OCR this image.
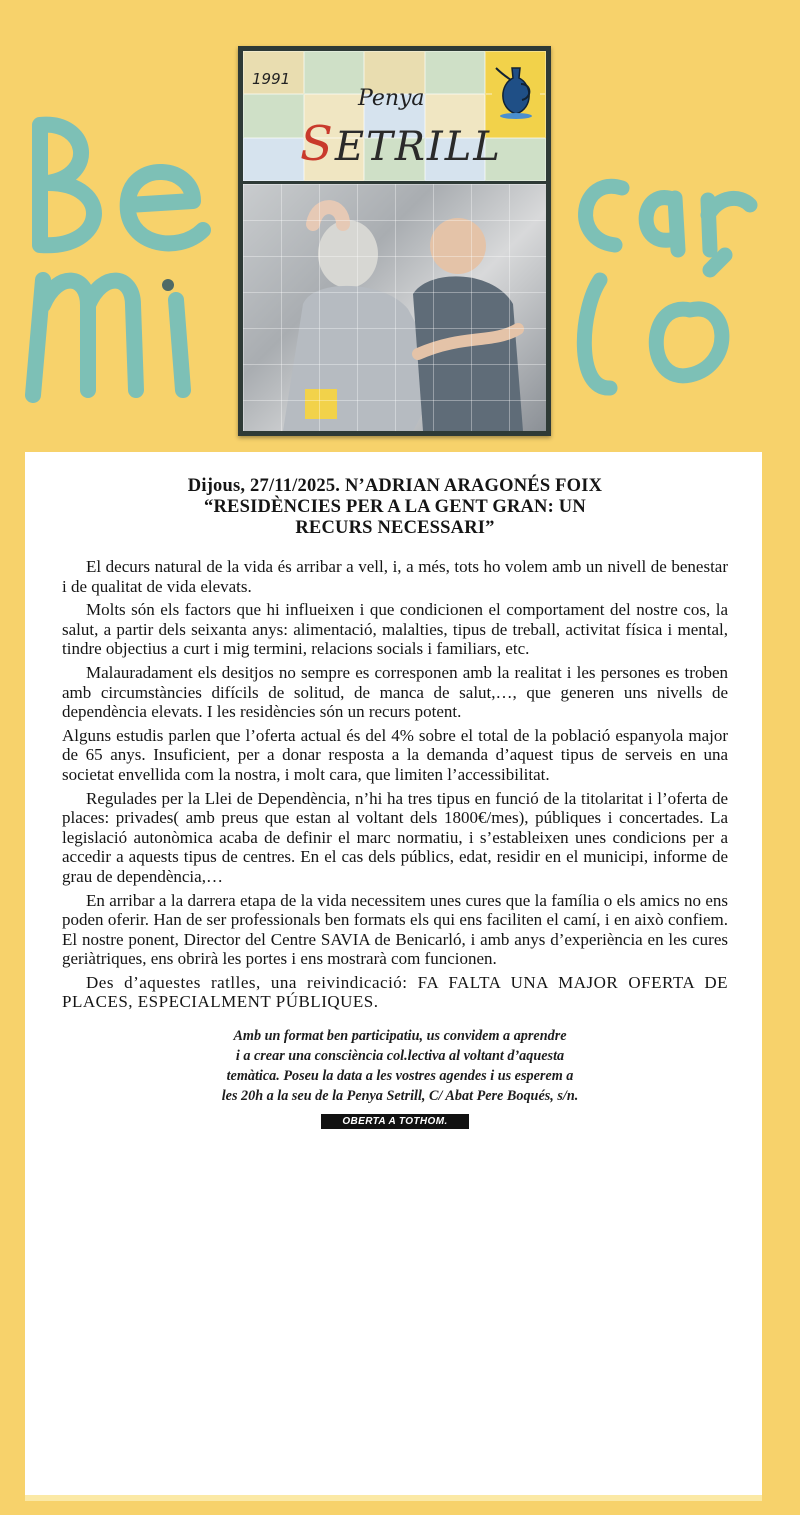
1991
Penya
SETRILL
Dijous, 27/11/2025. N’ADRIAN ARAGONÉS FOIX
“RESIDÈNCIES PER A LA GENT GRAN: UN
RECURS NECESSARI”

El decurs natural de la vida és arribar a vell, i, a més, tots ho volem amb un nivell de benestar i de qualitat de vida elevats.

Molts són els factors que hi influeixen i que condicionen el comportament del nostre cos, la salut, a partir dels seixanta anys: alimentació, malalties, tipus de treball, activitat física i mental, tindre objectius a curt i mig termini, relacions socials i familiars, etc.

Malauradament els desitjos no sempre es corresponen amb la realitat i les persones es troben amb circumstàncies difícils de solitud, de manca de salut,…, que generen uns nivells de dependència elevats. I les residències són un recurs potent.

Alguns estudis parlen que l’oferta actual és del 4% sobre el total de la població espanyola major de 65 anys. Insuficient, per a donar resposta a la demanda d’aquest tipus de serveis en una societat envellida com la nostra, i molt cara, que limiten l’accessibilitat.

Regulades per la Llei de Dependència, n’hi ha tres tipus en funció de la titolaritat i l’oferta de places: privades( amb preus que estan al voltant dels 1800€/mes), públiques i concertades. La legislació autonòmica acaba de definir el marc normatiu, i s’estableixen unes condicions per a accedir a aquests tipus de centres. En el cas dels públics, edat, residir en el municipi, informe de grau de dependència,…

En arribar a la darrera etapa de la vida necessitem unes cures que la família o els amics no ens poden oferir. Han de ser professionals ben formats els qui ens faciliten el camí, i en això confiem. El nostre ponent, Director del Centre SAVIA de Benicarló, i amb anys d’experiència en les cures geriàtriques, ens obrirà les portes i ens mostrarà com funcionen.

Des d’aquestes ratlles, una reivindicació: FA FALTA UNA MAJOR OFERTA DE PLACES, ESPECIALMENT PÚBLIQUES.

Amb un format ben participatiu, us convidem a aprendre
i a crear una consciència col.lectiva al voltant d’aquesta
temàtica. Poseu la data a les vostres agendes i us esperem a
les 20h a la seu de la Penya Setrill, C/ Abat Pere Boqués, s/n.
OBERTA A TOTHOM.
